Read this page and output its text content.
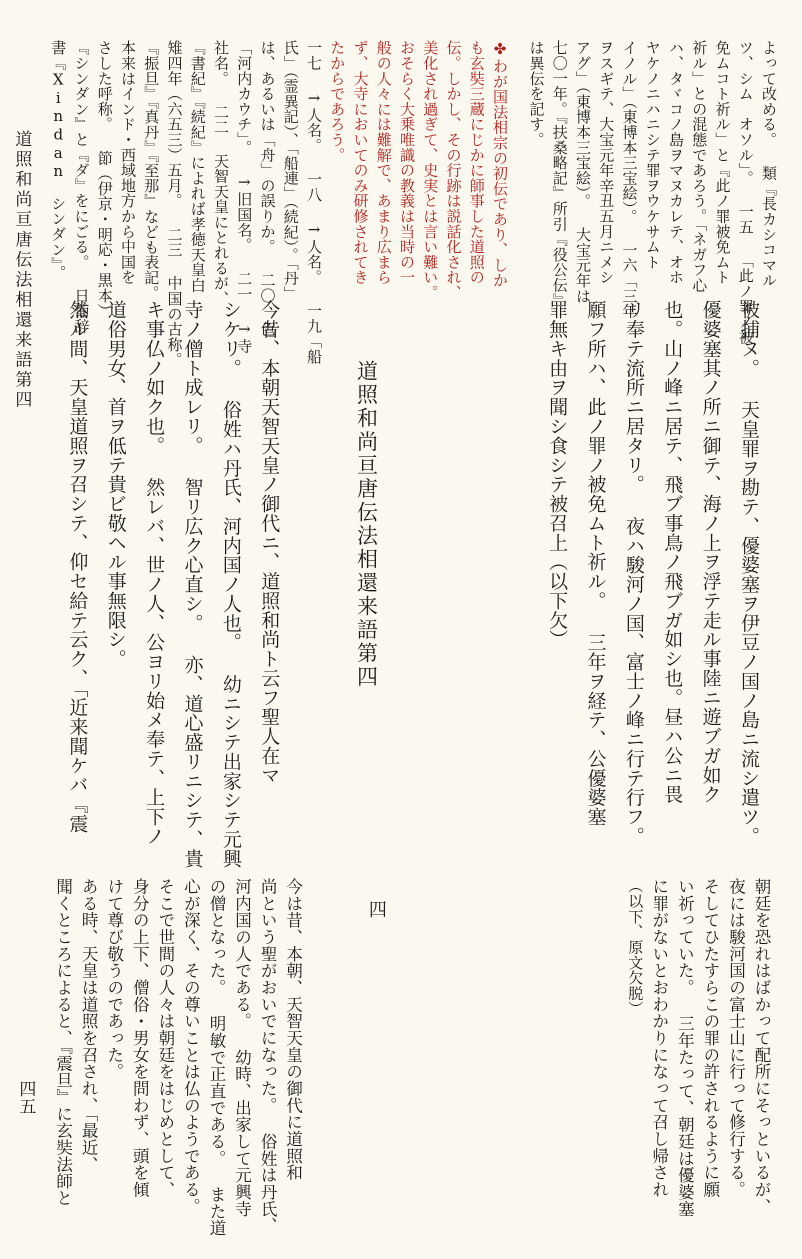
道照和尚亘唐伝法相還来語第四
四五
よって改める。 類『長カシコマル
ツ、シム　オソル」。 一五 「此ノ罪ノ被
免ムコト祈ル」と『此ノ罪被免ムト
祈ル」との混態であろう。「ネガフ心
ハ、タヾコノ島ヲマヌカレテ、オホ
ヤケノニハニシテ罪ヲウケサムト
イノル」（東博本三宝絵）。 一六「三年
ヲスギテ、大宝元年辛丑五月ニメシ
アグ」（東博本三宝絵）。 大宝元年は
七〇一年。『扶桑略記』所引『役公伝』
は異伝を記す。
✤わが国法相宗の初伝であり、しか
も玄奘三蔵にじかに師事した道照の
伝。しかし、その行跡は説話化され、
美化され過ぎて、史実とは言い難い。
おそらく大乗唯識の教義は当時の一
般の人々には難解で、あまり広まら
ず、大寺においてのみ研修されてき
たからであろう。
一七 →人名。 一八 →人名。 一九「船
氏」（霊異記）、「船連」（続紀）。「丹」
は、あるいは「舟」の誤りか。 二〇 色
「河内カウチ」。 →旧国名。 二一 →寺
社名。 二二 天智天皇にとれるが、
『書紀』『続紀』によれば孝徳天皇白
雉四年（六五三）五月。 二三 中国の古称。
『振旦』『真丹』『至那』なども表記。
本来はインド・西域地方から中国を
さした呼称。 節（伊京・明応・黒本）
『シンダン』と『ダ』をにごる。 日葡辞
書『Xindan　シンダン』。
被捕ヌ。 天皇罪ヲ勘テ、優婆塞ヲ伊豆ノ国ノ島ニ流シ遣ツ。
優婆塞其ノ所ニ御テ、海ノ上ヲ浮テ走ル事陸ニ遊ブガ如ク
也。山ノ峰ニ居テ、飛ブ事鳥ノ飛ブガ如シ也。昼ハ公ニ畏
リ奉テ流所ニ居タリ。 夜ハ駿河ノ国、富士ノ峰ニ行テ行フ。
願フ所ハ、此ノ罪ノ被免ムト祈ル。 三年ヲ経テ、公優婆塞
罪無キ由ヲ聞シ食シテ被召上（以下欠）
道照和尚亘唐伝法相還来語第四
今昔、本朝天智天皇ノ御代ニ、道照和尚ト云フ聖人在マ
シケリ。 俗姓ハ丹氏、河内国ノ人也。 幼ニシテ出家シテ元興
寺ノ僧ト成レリ。 智リ広ク心直シ。 亦、道心盛リニシテ、貴
キ事仏ノ如ク也。 然レバ、世ノ人、公ヨリ始メ奉テ、上下ノ
道俗男女、首ヲ低テ貴ビ敬ヘル事無限シ。
然ル間、天皇道照ヲ召シテ、仰セ給テ云ク、「近来聞ケバ『震
朝廷を恐れはばかって配所にそっといるが、
夜には駿河国の富士山に行って修行する。
そしてひたすらこの罪の許されるように願
い祈っていた。 三年たって、朝廷は優婆塞
に罪がないとおわかりになって召し帰され
（以下、原文欠脱）
四
今は昔、本朝、天智天皇の御代に道照和
尚という聖がおいでになった。 俗姓は丹氏、
河内国の人である。 幼時、出家して元興寺
の僧となった。 明敏で正直である。 また道
心が深く、その尊いことは仏のようである。
そこで世間の人々は朝廷をはじめとして、
身分の上下、僧俗・男女を問わず、頭を傾
けて尊び敬うのであった。
ある時、天皇は道照を召され、「最近、
聞くところによると、『震旦』に玄奘法師と
